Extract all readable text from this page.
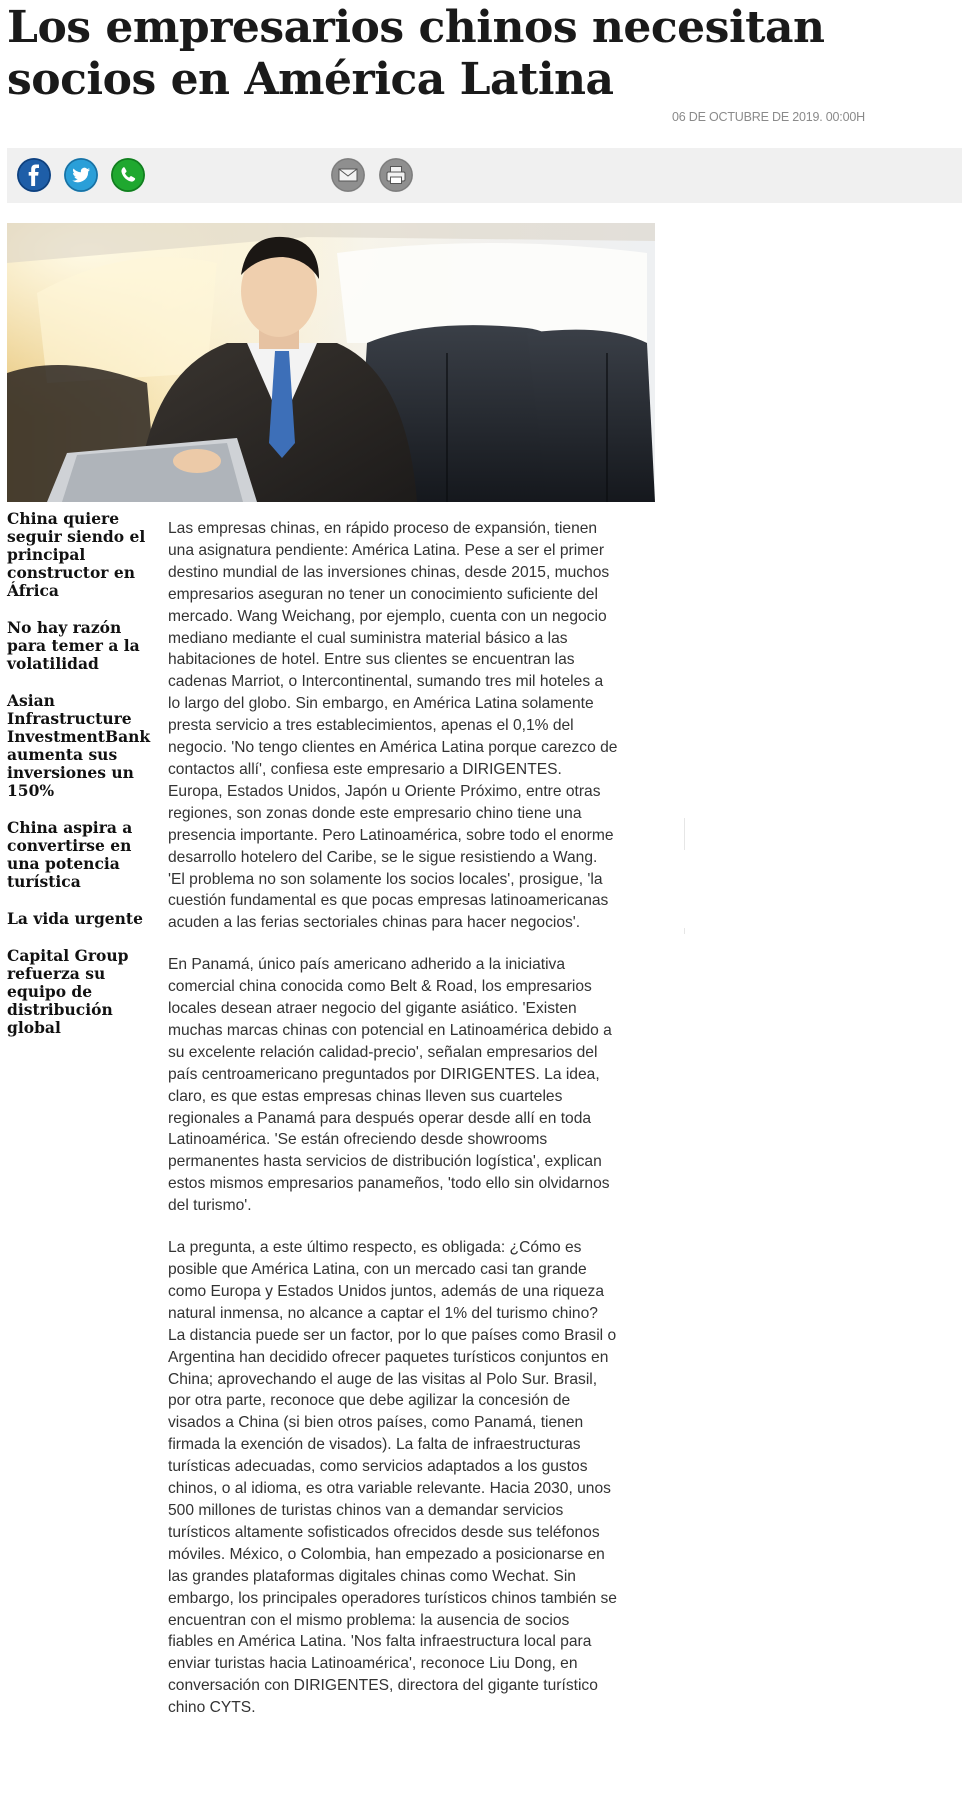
Los empresarios chinos necesitan socios en América Latina
06 DE OCTUBRE DE 2019. 00:00H
China quiere seguir siendo el principal constructor en África
No hay razón para temer a la volatilidad
Asian Infrastructure InvestmentBank aumenta sus inversiones un 150%
China aspira a convertirse en una potencia turística
La vida urgente
Capital Group refuerza su equipo de distribución global

Las empresas chinas, en rápido proceso de expansión, tienen una asignatura pendiente: América Latina. Pese a ser el primer destino mundial de las inversiones chinas, desde 2015, muchos empresarios aseguran no tener un conocimiento suficiente del mercado. Wang Weichang, por ejemplo, cuenta con un negocio mediano mediante el cual suministra material básico a las habitaciones de hotel. Entre sus clientes se encuentran las cadenas Marriot, o Intercontinental, sumando tres mil hoteles a lo largo del globo. Sin embargo, en América Latina solamente presta servicio a tres establecimientos, apenas el 0,1% del negocio. 'No tengo clientes en América Latina porque carezco de contactos allí', confiesa este empresario a DIRIGENTES. Europa, Estados Unidos, Japón u Oriente Próximo, entre otras regiones, son zonas donde este empresario chino tiene una presencia importante. Pero Latinoamérica, sobre todo el enorme desarrollo hotelero del Caribe, se le sigue resistiendo a Wang. 'El problema no son solamente los socios locales', prosigue, 'la cuestión fundamental es que pocas empresas latinoamericanas acuden a las ferias sectoriales chinas para hacer negocios'.

En Panamá, único país americano adherido a la iniciativa comercial china conocida como Belt & Road, los empresarios locales desean atraer negocio del gigante asiático. 'Existen muchas marcas chinas con potencial en Latinoamérica debido a su excelente relación calidad-precio', señalan empresarios del país centroamericano preguntados por DIRIGENTES. La idea, claro, es que estas empresas chinas lleven sus cuarteles regionales a Panamá para después operar desde allí en toda Latinoamérica. 'Se están ofreciendo desde showrooms permanentes hasta servicios de distribución logística', explican estos mismos empresarios panameños, 'todo ello sin olvidarnos del turismo'.

La pregunta, a este último respecto, es obligada: ¿Cómo es posible que América Latina, con un mercado casi tan grande como Europa y Estados Unidos juntos, además de una riqueza natural inmensa, no alcance a captar el 1% del turismo chino? La distancia puede ser un factor, por lo que países como Brasil o Argentina han decidido ofrecer paquetes turísticos conjuntos en China; aprovechando el auge de las visitas al Polo Sur. Brasil, por otra parte, reconoce que debe agilizar la concesión de visados a China (si bien otros países, como Panamá, tienen firmada la exención de visados). La falta de infraestructuras turísticas adecuadas, como servicios adaptados a los gustos chinos, o al idioma, es otra variable relevante. Hacia 2030, unos 500 millones de turistas chinos van a demandar servicios turísticos altamente sofisticados ofrecidos desde sus teléfonos móviles. México, o Colombia, han empezado a posicionarse en las grandes plataformas digitales chinas como Wechat. Sin embargo, los principales operadores turísticos chinos también se encuentran con el mismo problema: la ausencia de socios fiables en América Latina. 'Nos falta infraestructura local para enviar turistas hacia Latinoamérica', reconoce Liu Dong, en conversación con DIRIGENTES, directora del gigante turístico chino CYTS.
